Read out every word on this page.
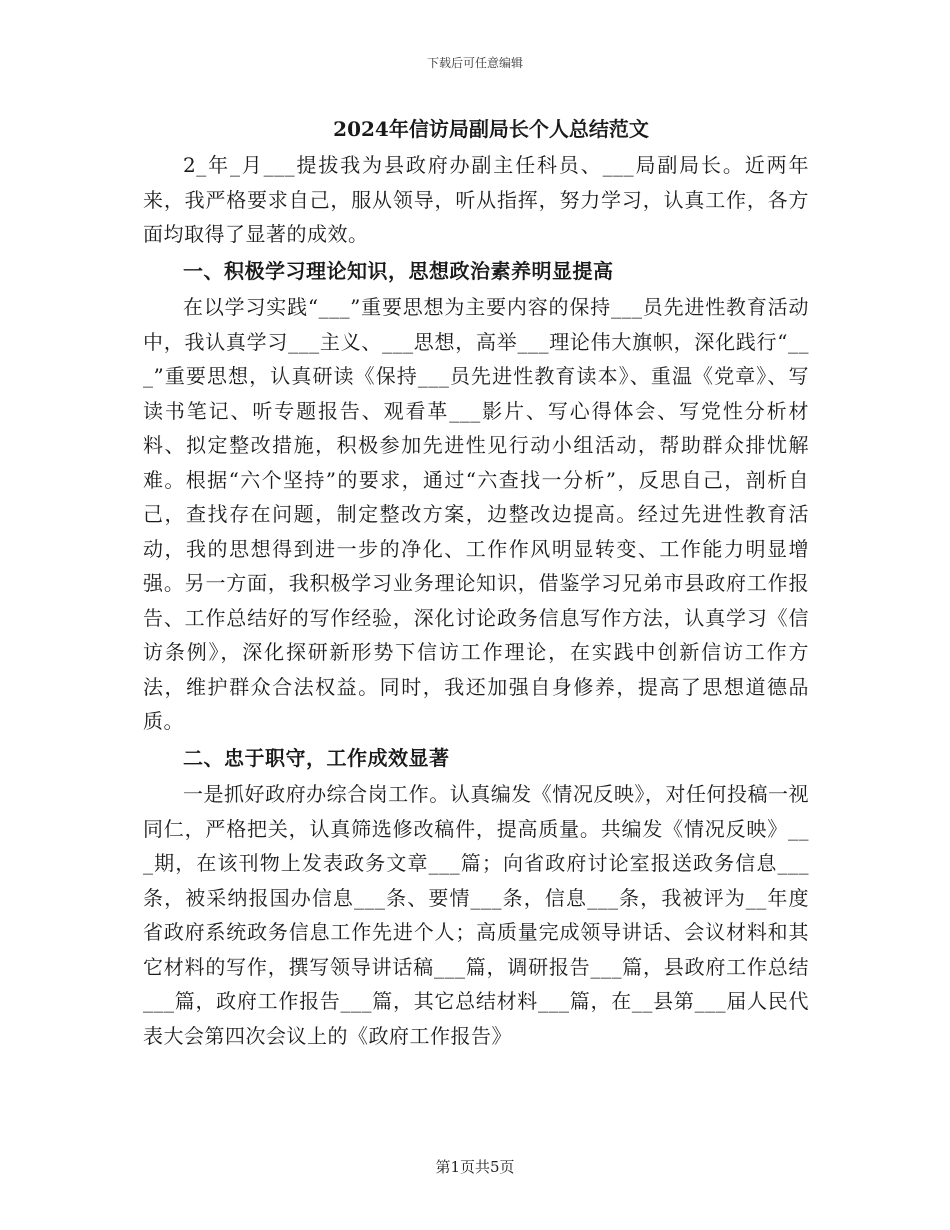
下载后可任意编辑
2024年信访局副局长个人总结范文

2_年_月___提拔我为县政府办副主任科员、___局副局长。近两年来，我严格要求自己，服从领导，听从指挥，努力学习，认真工作，各方面均取得了显著的成效。

一、积极学习理论知识，思想政治素养明显提高

在以学习实践“___”重要思想为主要内容的保持___员先进性教育活动中，我认真学习___主义、___思想，高举___理论伟大旗帜，深化践行“___”重要思想，认真研读《保持___员先进性教育读本》、重温《党章》、写读书笔记、听专题报告、观看革___影片、写心得体会、写党性分析材料、拟定整改措施，积极参加先进性见行动小组活动，帮助群众排忧解难。根据“六个坚持”的要求，通过“六查找一分析”，反思自己，剖析自己，查找存在问题，制定整改方案，边整改边提高。经过先进性教育活动，我的思想得到进一步的净化、工作作风明显转变、工作能力明显增强。另一方面，我积极学习业务理论知识，借鉴学习兄弟市县政府工作报告、工作总结好的写作经验，深化讨论政务信息写作方法，认真学习《信访条例》，深化探研新形势下信访工作理论，在实践中创新信访工作方法，维护群众合法权益。同时，我还加强自身修养，提高了思想道德品质。

二、忠于职守，工作成效显著

一是抓好政府办综合岗工作。认真编发《情况反映》，对任何投稿一视同仁，严格把关，认真筛选修改稿件，提高质量。共编发《情况反映》___期，在该刊物上发表政务文章___篇；向省政府讨论室报送政务信息___条，被采纳报国办信息___条、要情___条，信息___条，我被评为__年度省政府系统政务信息工作先进个人；高质量完成领导讲话、会议材料和其它材料的写作，撰写领导讲话稿___篇，调研报告___篇，县政府工作总结___篇，政府工作报告___篇，其它总结材料___篇，在__县第___届人民代表大会第四次会议上的《政府工作报告》

第1页共5页
